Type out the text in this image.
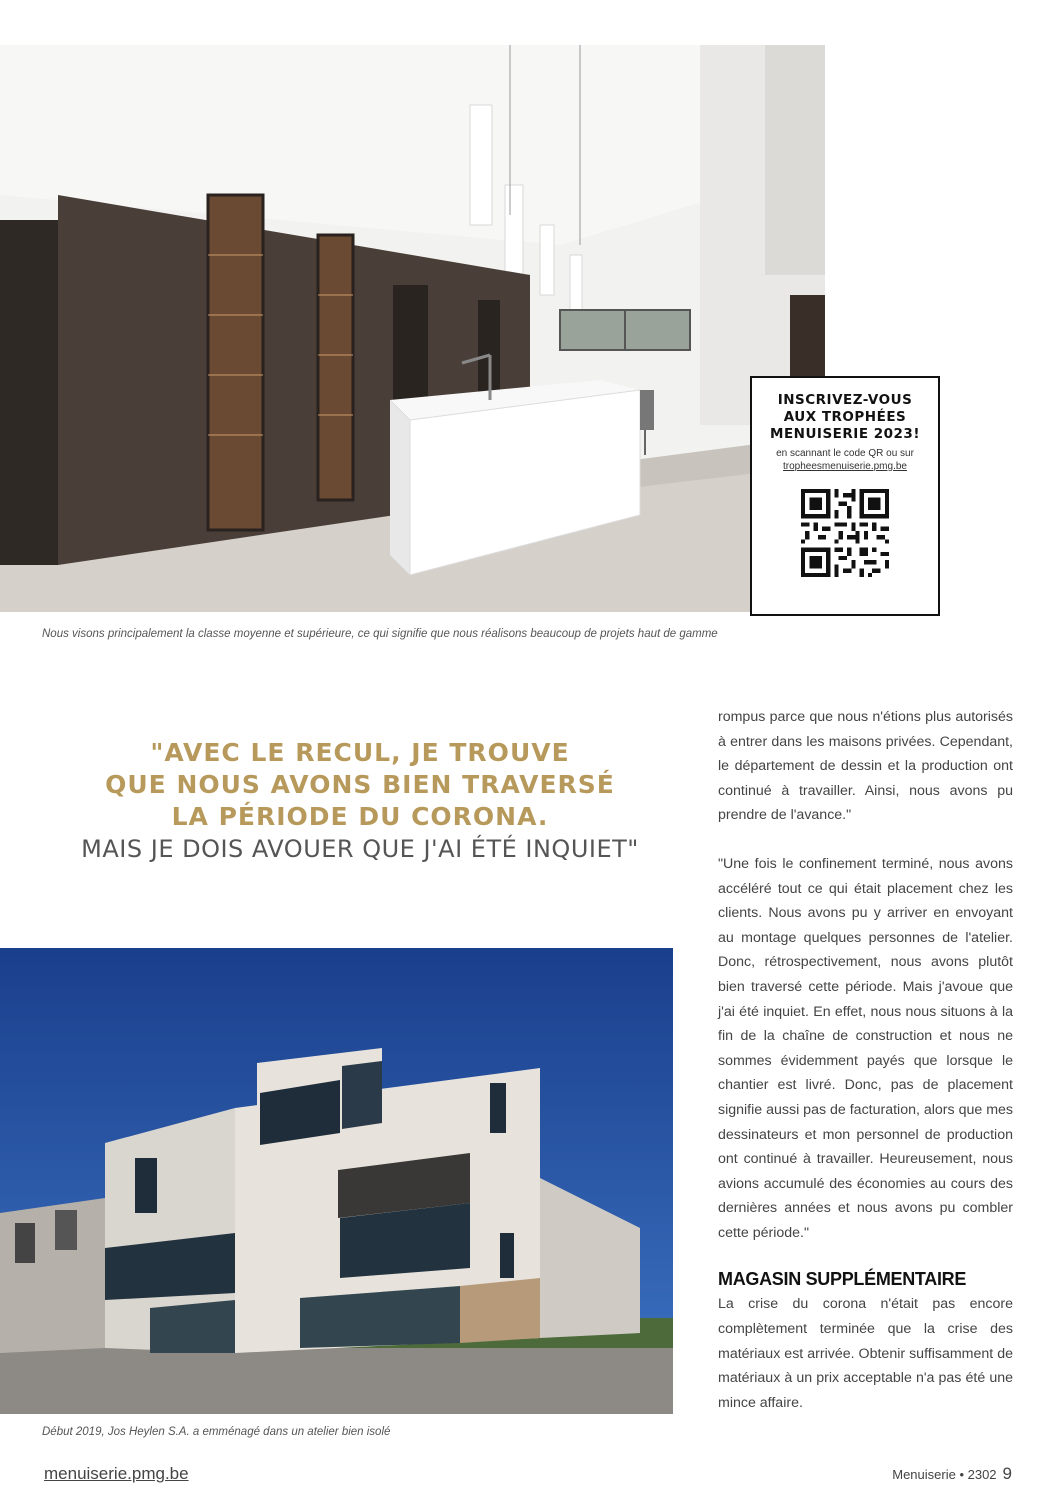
INSCRIVEZ-VOUS
AUX TROPHÉES
MENUISERIE 2023!
en scannant le code QR ou sur
tropheesmenuiserie.pmg.be
Nous visons principalement la classe moyenne et supérieure, ce qui signifie que nous réalisons beaucoup de projets haut de gamme
"AVEC LE RECUL, JE TROUVE
QUE NOUS AVONS BIEN TRAVERSÉ
LA PÉRIODE DU CORONA.
MAIS JE DOIS AVOUER QUE J'AI ÉTÉ INQUIET"
Début 2019, Jos Heylen S.A. a emménagé dans un atelier bien isolé

rompus parce que nous n'étions plus autorisés à entrer dans les maisons privées. Cependant, le département de dessin et la production ont continué à travailler. Ainsi, nous avons pu prendre de l'avance."

"Une fois le confinement terminé, nous avons accéléré tout ce qui était placement chez les clients. Nous avons pu y arriver en envoyant au montage quelques personnes de l'atelier. Donc, rétrospectivement, nous avons plutôt bien traversé cette période. Mais j'avoue que j'ai été inquiet. En effet, nous nous situons à la fin de la chaîne de construction et nous ne sommes évidemment payés que lorsque le chantier est livré. Donc, pas de placement signifie aussi pas de facturation, alors que mes dessinateurs et mon personnel de production ont continué à travailler. Heureusement, nous avions accumulé des économies au cours des dernières années et nous avons pu combler cette période."

MAGASIN SUPPLÉMENTAIRE

La crise du corona n'était pas encore complètement terminée que la crise des matériaux est arrivée. Obtenir suffisamment de matériaux à un prix acceptable n'a pas été une mince affaire.

menuiserie.pmg.be	Menuiserie • 2302 9
